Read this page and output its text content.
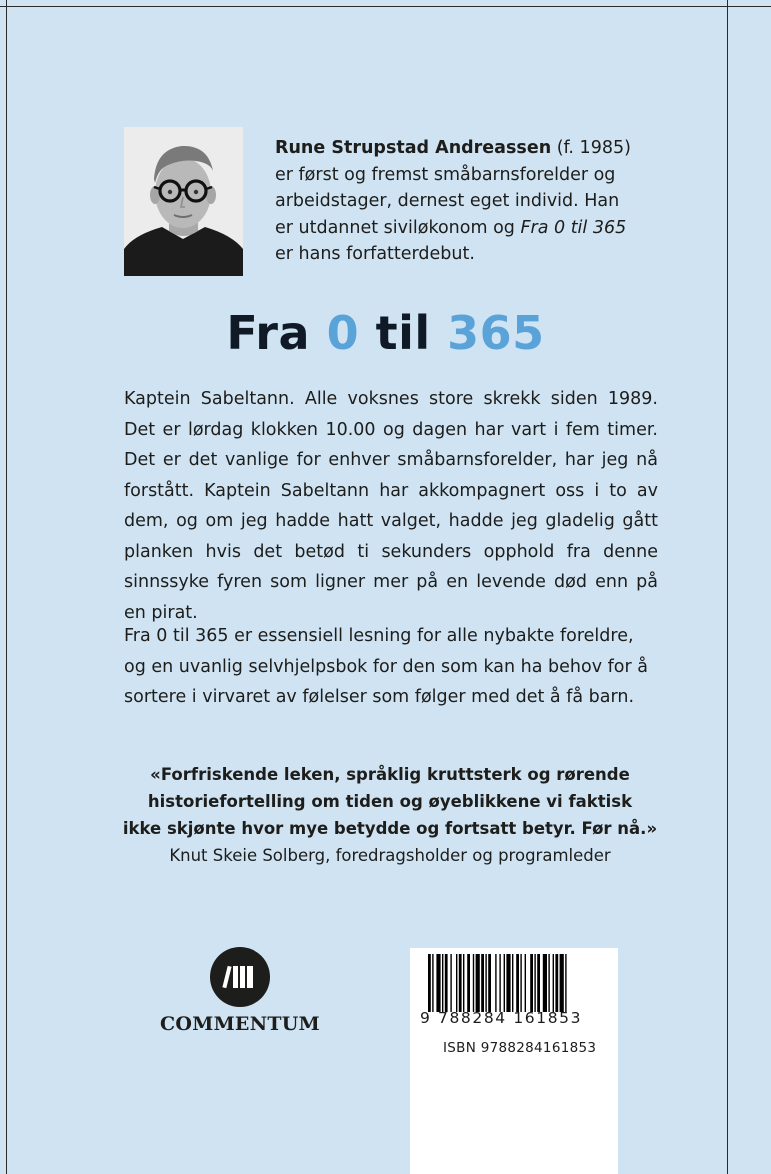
Rune Strupstad Andreassen (f. 1985)
er først og fremst småbarnsforelder og
arbeidstager, dernest eget individ. Han
er utdannet siviløkonom og Fra 0 til 365
er hans forfatterdebut.
Fra 0 til 365
Kaptein Sabeltann. Alle voksnes store skrekk siden 1989. Det er lørdag klokken 10.00 og dagen har vart i fem timer. Det er det vanlige for enhver småbarnsforelder, har jeg nå forstått. Kaptein Sabeltann har akkompagnert oss i to av dem, og om jeg hadde hatt valget, hadde jeg gladelig gått planken hvis det betød ti sekunders opphold fra denne sinnssyke fyren som ligner mer på en levende død enn på en pirat.
Fra 0 til 365 er essensiell lesning for alle nybakte foreldre, og en uvanlig selvhjelpsbok for den som kan ha behov for å sortere i virvaret av følelser som følger med det å få barn.
«Forfriskende leken, språklig kruttsterk og rørende
historiefortelling om tiden og øyeblikkene vi faktisk
ikke skjønte hvor mye betydde og fortsatt betyr. Før nå.»
Knut Skeie Solberg, foredragsholder og programleder
COMMENTUM	9 788284 161853
ISBN 9788284161853
